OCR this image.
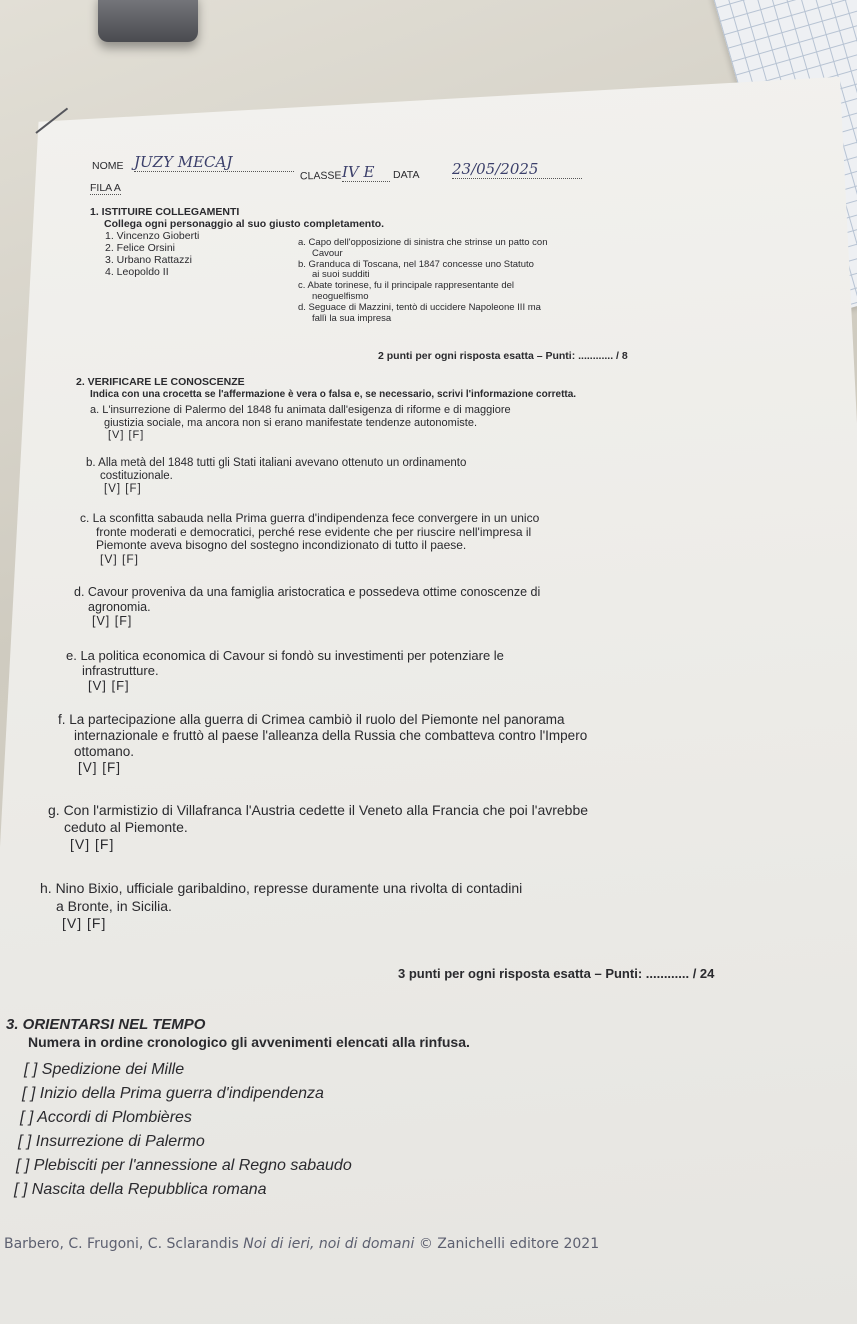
NOME JUZY MECAJ
CLASSE IV E	DATA 23/05/2025
FILA A
1. ISTITUIRE COLLEGAMENTI
Collega ogni personaggio al suo giusto completamento.
1. Vincenzo Gioberti
2. Felice Orsini
3. Urbano Rattazzi
4. Leopoldo II
a. Capo dell'opposizione di sinistra che strinse un patto con
Cavour
b. Granduca di Toscana, nel 1847 concesse uno Statuto
ai suoi sudditi
c. Abate torinese, fu il principale rappresentante del
neoguelfismo
d. Seguace di Mazzini, tentò di uccidere Napoleone III ma
fallì la sua impresa
2 punti per ogni risposta esatta – Punti: ............ / 8
2. VERIFICARE LE CONOSCENZE
Indica con una crocetta se l'affermazione è vera o falsa e, se necessario, scrivi l'informazione corretta.
a. L'insurrezione di Palermo del 1848 fu animata dall'esigenza di riforme e di maggiore
giustizia sociale, ma ancora non si erano manifestate tendenze autonomiste.
[V] [F]
b. Alla metà del 1848 tutti gli Stati italiani avevano ottenuto un ordinamento
costituzionale.
[V] [F]
c. La sconfitta sabauda nella Prima guerra d'indipendenza fece convergere in un unico
fronte moderati e democratici, perché rese evidente che per riuscire nell'impresa il
Piemonte aveva bisogno del sostegno incondizionato di tutto il paese.
[V] [F]
d. Cavour proveniva da una famiglia aristocratica e possedeva ottime conoscenze di
agronomia.
[V] [F]
e. La politica economica di Cavour si fondò su investimenti per potenziare le
infrastrutture.
[V] [F]
f. La partecipazione alla guerra di Crimea cambiò il ruolo del Piemonte nel panorama
internazionale e fruttò al paese l'alleanza della Russia che combatteva contro l'Impero
ottomano.
[V] [F]
g. Con l'armistizio di Villafranca l'Austria cedette il Veneto alla Francia che poi l'avrebbe
ceduto al Piemonte.
[V] [F]
h. Nino Bixio, ufficiale garibaldino, represse duramente una rivolta di contadini
a Bronte, in Sicilia.
[V] [F]
3 punti per ogni risposta esatta – Punti: ............ / 24
3. ORIENTARSI NEL TEMPO
Numera in ordine cronologico gli avvenimenti elencati alla rinfusa.
[ ] Spedizione dei Mille
[ ] Inizio della Prima guerra d'indipendenza
[ ] Accordi di Plombières
[ ] Insurrezione di Palermo
[ ] Plebisciti per l'annessione al Regno sabaudo
[ ] Nascita della Repubblica romana
Barbero, C. Frugoni, C. Sclarandis Noi di ieri, noi di domani © Zanichelli editore 2021
